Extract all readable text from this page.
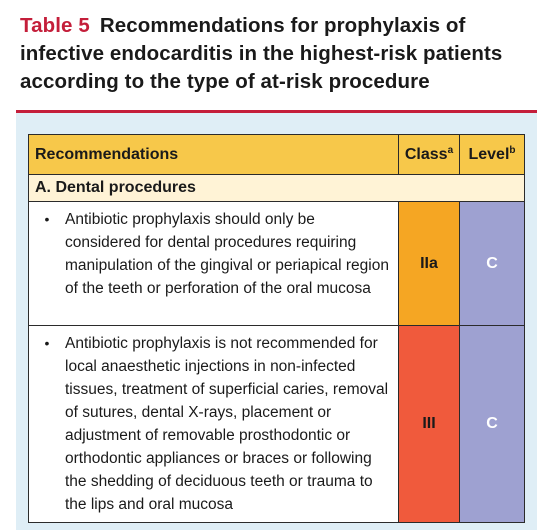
Table 5 Recommendations for prophylaxis of infective endocarditis in the highest-risk patients according to the type of at-risk procedure
Recommendations	Class$^a$	Level$^b$
A. Dental procedures		

• Antibiotic prophylaxis should only be considered for dental procedures requiring manipulation of the gingival or periapical region of the teeth or perforation of the oral mucosa	IIa	C

• Antibiotic prophylaxis is not recommended for local anaesthetic injections in non-infected tissues, treatment of superficial caries, removal of sutures, dental X-rays, placement or adjustment of removable prosthodontic or orthodontic appliances or braces or following the shedding of deciduous teeth or trauma to the lips and oral mucosa	III	C
